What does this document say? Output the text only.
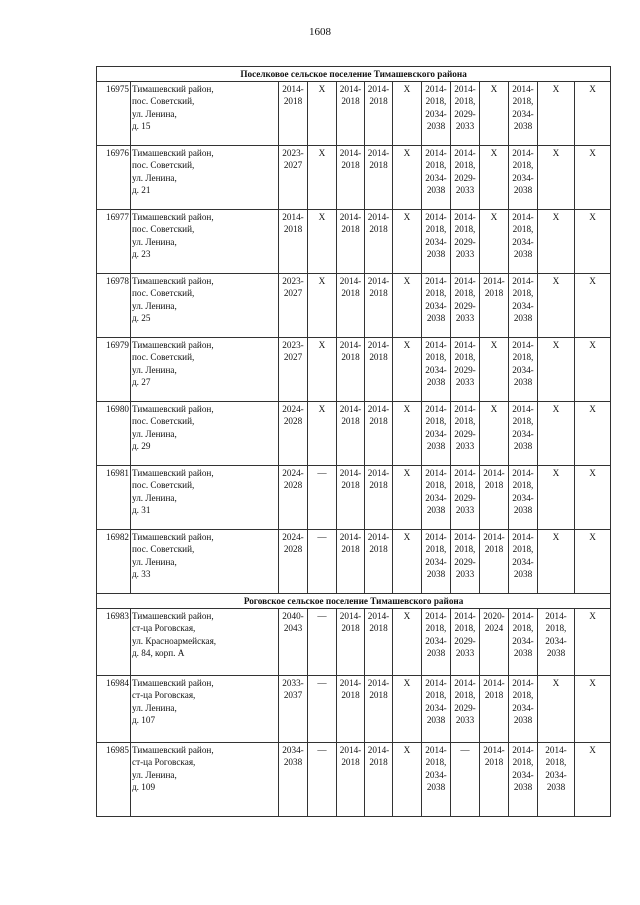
1608
Поселковое сельское поселение Тимашевского района												
16975	Тимашевский район,
пос. Советский,
ул. Ленина,
д. 15	2014-
2018	X	2014-
2018	2014-
2018	X	2014-
2018,
2034-
2038	2014-
2018,
2029-
2033	X	2014-
2018,
2034-
2038	X	X
16976	Тимашевский район,
пос. Советский,
ул. Ленина,
д. 21	2023-
2027	X	2014-
2018	2014-
2018	X	2014-
2018,
2034-
2038	2014-
2018,
2029-
2033	X	2014-
2018,
2034-
2038	X	X
16977	Тимашевский район,
пос. Советский,
ул. Ленина,
д. 23	2014-
2018	X	2014-
2018	2014-
2018	X	2014-
2018,
2034-
2038	2014-
2018,
2029-
2033	X	2014-
2018,
2034-
2038	X	X
16978	Тимашевский район,
пос. Советский,
ул. Ленина,
д. 25	2023-
2027	X	2014-
2018	2014-
2018	X	2014-
2018,
2034-
2038	2014-
2018,
2029-
2033	2014-
2018	2014-
2018,
2034-
2038	X	X
16979	Тимашевский район,
пос. Советский,
ул. Ленина,
д. 27	2023-
2027	X	2014-
2018	2014-
2018	X	2014-
2018,
2034-
2038	2014-
2018,
2029-
2033	X	2014-
2018,
2034-
2038	X	X
16980	Тимашевский район,
пос. Советский,
ул. Ленина,
д. 29	2024-
2028	X	2014-
2018	2014-
2018	X	2014-
2018,
2034-
2038	2014-
2018,
2029-
2033	X	2014-
2018,
2034-
2038	X	X
16981	Тимашевский район,
пос. Советский,
ул. Ленина,
д. 31	2024-
2028	—	2014-
2018	2014-
2018	X	2014-
2018,
2034-
2038	2014-
2018,
2029-
2033	2014-
2018	2014-
2018,
2034-
2038	X	X
16982	Тимашевский район,
пос. Советский,
ул. Ленина,
д. 33	2024-
2028	—	2014-
2018	2014-
2018	X	2014-
2018,
2034-
2038	2014-
2018,
2029-
2033	2014-
2018	2014-
2018,
2034-
2038	X	X
Роговское сельское поселение Тимашевского района												
16983	Тимашевский район,
ст-ца Роговская,
ул. Красноармейская,
д. 84, корп. А	2040-
2043	—	2014-
2018	2014-
2018	X	2014-
2018,
2034-
2038	2014-
2018,
2029-
2033	2020-
2024	2014-
2018,
2034-
2038	2014-
2018,
2034-
2038	X
16984	Тимашевский район,
ст-ца Роговская,
ул. Ленина,
д. 107	2033-
2037	—	2014-
2018	2014-
2018	X	2014-
2018,
2034-
2038	2014-
2018,
2029-
2033	2014-
2018	2014-
2018,
2034-
2038	X	X
16985	Тимашевский район,
ст-ца Роговская,
ул. Ленина,
д. 109	2034-
2038	—	2014-
2018	2014-
2018	X	2014-
2018,
2034-
2038	—	2014-
2018	2014-
2018,
2034-
2038	2014-
2018,
2034-
2038	X
